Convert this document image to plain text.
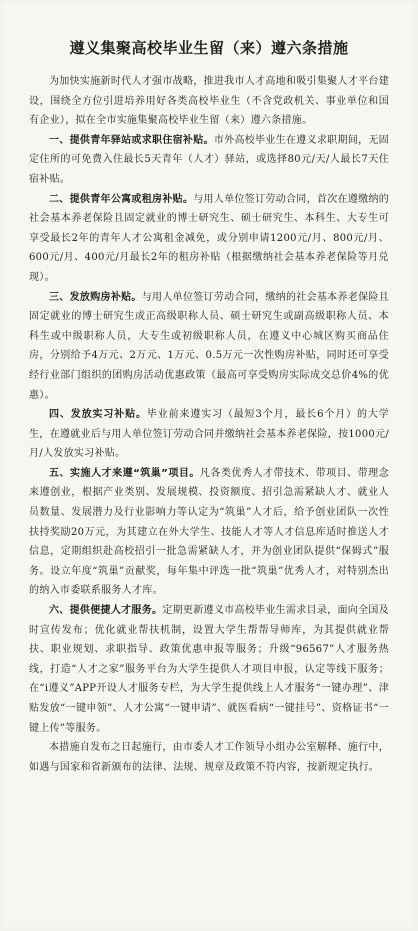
遵义集聚高校毕业生留（来）遵六条措施

为加快实施新时代人才强市战略，推进我市人才高地和吸引集聚人才平台建设，围绕全方位引进培养用好各类高校毕业生（不含党政机关、事业单位和国有企业），拟在全市实施集聚高校毕业生留（来）遵六条措施。

一、提供青年驿站或求职住宿补贴。市外高校毕业生在遵义求职期间，无固定住所的可免费入住最长5天青年（人才）驿站，或选择80元/天/人最长7天住宿补贴。

二、提供青年公寓或租房补贴。与用人单位签订劳动合同，首次在遵缴纳的社会基本养老保险且固定就业的博士研究生、硕士研究生、本科生、大专生可享受最长2年的青年人才公寓租金减免，或分别申请1200元/月、800元/月、600元/月、400元/月最长2年的租房补贴（根据缴纳社会基本养老保险等月兑现）。

三、发放购房补贴。与用人单位签订劳动合同，缴纳的社会基本养老保险且固定就业的博士研究生或正高级职称人员、硕士研究生或副高级职称人员、本科生或中级职称人员，大专生或初级职称人员，在遵义中心城区购买商品住房，分别给予4万元、2万元、1万元、0.5万元一次性购房补贴，同时还可享受经行业部门组织的团购房活动优惠政策（最高可享受购房实际成交总价4%的优惠）。

四、发放实习补贴。毕业前来遵实习（最短3个月，最长6个月）的大学生，在遵就业后与用人单位签订劳动合同并缴纳社会基本养老保险，按1000元/月/人发放实习补贴。

五、实施人才来遵“筑巢”项目。凡各类优秀人才带技术、带项目、带理念来遵创业，根据产业类别、发展规模、投资额度、招引急需紧缺人才、就业人员数量、发展潜力及行业影响力等认定为“筑巢”人才后，给予创业团队一次性扶持奖励20万元，为其建立在外大学生、技能人才等人才信息库适时推送人才信息，定期组织赴高校招引一批急需紧缺人才，并为创业团队提供“保姆式”服务。设立年度“筑巢”贡献奖，每年集中评选一批“筑巢”优秀人才，对特别杰出的纳入市委联系服务人才库。

六、提供便捷人才服务。定期更新遵义市高校毕业生需求目录，面向全国及时宣传发布；优化就业帮扶机制，设置大学生帮帮导师库，为其提供就业帮扶、职业规划、求职指导、政策优惠申报等服务；升级“96567”人才服务热线，打造“人才之家”服务平台为大学生提供人才项目申报，认定等线下服务；在“i遵义”APP开设人才服务专栏，为大学生提供线上人才服务“一键办理”、津贴发放“一键申领”、人才公寓“一键申请”、就医看病“一键挂号”、资格证书“一键上传”等服务。

本措施自发布之日起施行，由市委人才工作领导小组办公室解释、施行中，如遇与国家和省新颁布的法律、法规、规章及政策不符内容，按新规定执行。
